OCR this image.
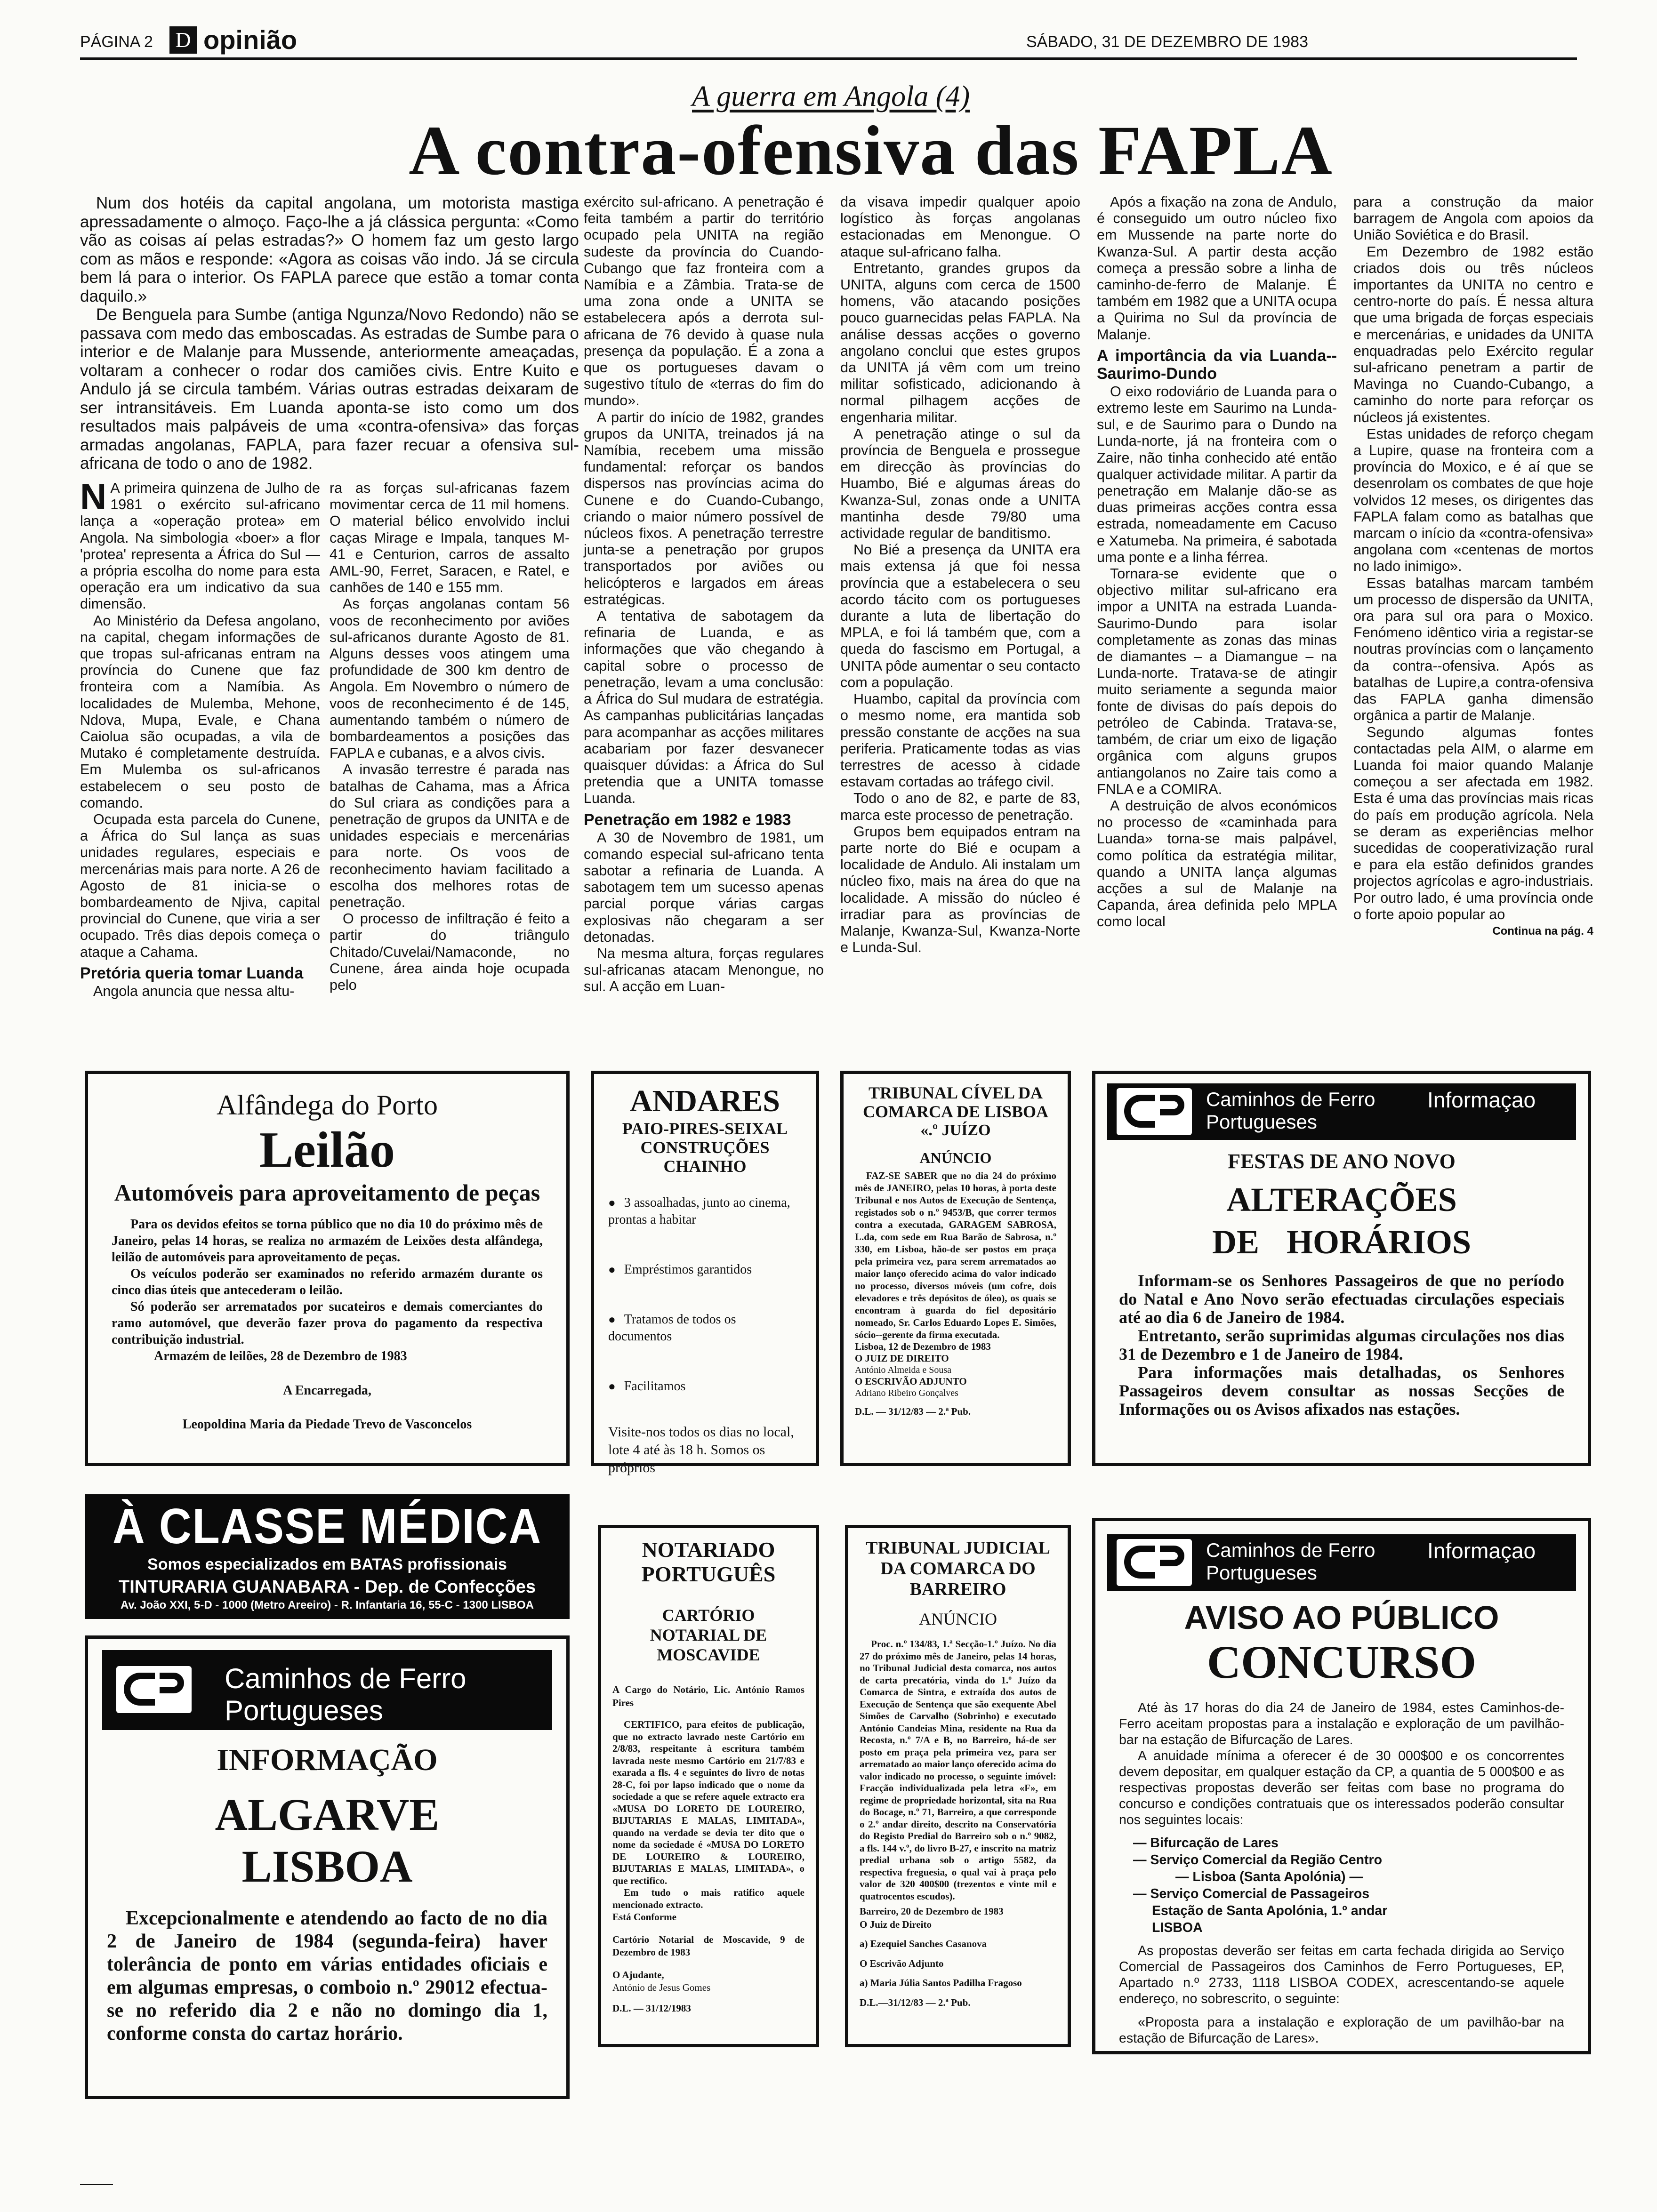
PÁGINA 2 D opinião	SÁBADO, 31 DE DEZEMBRO DE 1983
A guerra em Angola (4)
A contra-ofensiva das FAPLA

Num dos hotéis da capital angolana, um motorista mastiga apressadamente o almoço. Faço-lhe a já clássica pergunta: «Como vão as coisas aí pelas estradas?» O homem faz um gesto largo com as mãos e responde: «Agora as coisas vão indo. Já se circula bem lá para o interior. Os FAPLA parece que estão a tomar conta daquilo.»

De Benguela para Sumbe (antiga Ngunza/Novo Redondo) não se passava com medo das emboscadas. As estradas de Sumbe para o interior e de Malanje para Mussende, anteriormente ameaçadas, voltaram a conhecer o rodar dos camiões civis. Entre Kuito e Andulo já se circula também. Várias outras estradas deixaram de ser intransitáveis. Em Luanda aponta-se isto como um dos resultados mais palpáveis de uma «contra-ofensiva» das forças armadas angolanas, FAPLA, para fazer recuar a ofensiva sul-africana de todo o ano de 1982.

N A primeira quinzena de Julho de 1981 o exército sul-africano lança a «operação protea» em Angola. Na simbologia «boer» a flor 'protea' representa a África do Sul — a própria escolha do nome para esta operação era um indicativo da sua dimensão.

Ao Ministério da Defesa angolano, na capital, chegam informações de que tropas sul-africanas entram na província do Cunene que faz fronteira com a Namíbia. As localidades de Mulemba, Mehone, Ndova, Mupa, Evale, e Chana Caiolua são ocupadas, a vila de Mutako é completamente destruída. Em Mulemba os sul-africanos estabelecem o seu posto de comando.

Ocupada esta parcela do Cunene, a África do Sul lança as suas unidades regulares, especiais e mercenárias mais para norte. A 26 de Agosto de 81 inicia-se o bombardeamento de Njiva, capital provincial do Cunene, que viria a ser ocupado. Três dias depois começa o ataque a Cahama.

Pretória queria tomar Luanda

Angola anuncia que nessa altu-

ra as forças sul-africanas fazem movimentar cerca de 11 mil homens. O material bélico envolvido inclui caças Mirage e Impala, tanques M-41 e Centurion, carros de assalto AML-90, Ferret, Saracen, e Ratel, e canhões de 140 e 155 mm.

As forças angolanas contam 56 voos de reconhecimento por aviões sul-africanos durante Agosto de 81. Alguns desses voos atingem uma profundidade de 300 km dentro de Angola. Em Novembro o número de voos de reconhecimento é de 145, aumentando também o número de bombardeamentos a posições das FAPLA e cubanas, e a alvos civis.

A invasão terrestre é parada nas batalhas de Cahama, mas a África do Sul criara as condições para a penetração de grupos da UNITA e de unidades especiais e mercenárias para norte. Os voos de reconhecimento haviam facilitado a escolha dos melhores rotas de penetração.

O processo de infiltração é feito a partir do triângulo Chitado/Cuvelai/Namaconde, no Cunene, área ainda hoje ocupada pelo

exército sul-africano. A penetração é feita também a partir do território ocupado pela UNITA na região sudeste da província do Cuando-Cubango que faz fronteira com a Namíbia e a Zâmbia. Trata-se de uma zona onde a UNITA se estabelecera após a derrota sul-africana de 76 devido à quase nula presença da população. É a zona a que os portugueses davam o sugestivo título de «terras do fim do mundo».

A partir do início de 1982, grandes grupos da UNITA, treinados já na Namíbia, recebem uma missão fundamental: reforçar os bandos dispersos nas províncias acima do Cunene e do Cuando-Cubango, criando o maior número possível de núcleos fixos. A penetração terrestre junta-se a penetração por grupos transportados por aviões ou helicópteros e largados em áreas estratégicas.

A tentativa de sabotagem da refinaria de Luanda, e as informações que vão chegando à capital sobre o processo de penetração, levam a uma conclusão: a África do Sul mudara de estratégia. As campanhas publicitárias lançadas para acompanhar as acções militares acabariam por fazer desvanecer quaisquer dúvidas: a África do Sul pretendia que a UNITA tomasse Luanda.

Penetração em 1982 e 1983

A 30 de Novembro de 1981, um comando especial sul-africano tenta sabotar a refinaria de Luanda. A sabotagem tem um sucesso apenas parcial porque várias cargas explosivas não chegaram a ser detonadas.

Na mesma altura, forças regulares sul-africanas atacam Menongue, no sul. A acção em Luan-

da visava impedir qualquer apoio logístico às forças angolanas estacionadas em Menongue. O ataque sul-africano falha.

Entretanto, grandes grupos da UNITA, alguns com cerca de 1500 homens, vão atacando posições pouco guarnecidas pelas FAPLA. Na análise dessas acções o governo angolano conclui que estes grupos da UNITA já vêm com um treino militar sofisticado, adicionando à normal pilhagem acções de engenharia militar.

A penetração atinge o sul da província de Benguela e prossegue em direcção às províncias do Huambo, Bié e algumas áreas do Kwanza-Sul, zonas onde a UNITA mantinha desde 79/80 uma actividade regular de banditismo.

No Bié a presença da UNITA era mais extensa já que foi nessa província que a estabelecera o seu acordo tácito com os portugueses durante a luta de libertação do MPLA, e foi lá também que, com a queda do fascismo em Portugal, a UNITA pôde aumentar o seu contacto com a população.

Huambo, capital da província com o mesmo nome, era mantida sob pressão constante de acções na sua periferia. Praticamente todas as vias terrestres de acesso à cidade estavam cortadas ao tráfego civil.

Todo o ano de 82, e parte de 83, marca este processo de penetração.

Grupos bem equipados entram na parte norte do Bié e ocupam a localidade de Andulo. Ali instalam um núcleo fixo, mais na área do que na localidade. A missão do núcleo é irradiar para as províncias de Malanje, Kwanza-Sul, Kwanza-Norte e Lunda-Sul.

Após a fixação na zona de Andulo, é conseguido um outro núcleo fixo em Mussende na parte norte do Kwanza-Sul. A partir desta acção começa a pressão sobre a linha de caminho-de-ferro de Malanje. É também em 1982 que a UNITA ocupa a Quirima no Sul da província de Malanje.

A importância da via Luanda--Saurimo-Dundo

O eixo rodoviário de Luanda para o extremo leste em Saurimo na Lunda-sul, e de Saurimo para o Dundo na Lunda-norte, já na fronteira com o Zaire, não tinha conhecido até então qualquer actividade militar. A partir da penetração em Malanje dão-se as duas primeiras acções contra essa estrada, nomeadamente em Cacuso e Xatumeba. Na primeira, é sabotada uma ponte e a linha férrea.

Tornara-se evidente que o objectivo militar sul-africano era impor a UNITA na estrada Luanda-Saurimo-Dundo para isolar completamente as zonas das minas de diamantes – a Diamangue – na Lunda-norte. Tratava-se de atingir muito seriamente a segunda maior fonte de divisas do país depois do petróleo de Cabinda. Tratava-se, também, de criar um eixo de ligação orgânica com alguns grupos antiangolanos no Zaire tais como a FNLA e a COMIRA.

A destruição de alvos económicos no processo de «caminhada para Luanda» torna-se mais palpável, como política da estratégia militar, quando a UNITA lança algumas acções a sul de Malanje na Capanda, área definida pelo MPLA como local

para a construção da maior barragem de Angola com apoios da União Soviética e do Brasil.

Em Dezembro de 1982 estão criados dois ou três núcleos importantes da UNITA no centro e centro-norte do país. É nessa altura que uma brigada de forças especiais e mercenárias, e unidades da UNITA enquadradas pelo Exército regular sul-africano penetram a partir de Mavinga no Cuando-Cubango, a caminho do norte para reforçar os núcleos já existentes.

Estas unidades de reforço chegam a Lupire, quase na fronteira com a província do Moxico, e é aí que se desenrolam os combates de que hoje volvidos 12 meses, os dirigentes das FAPLA falam como as batalhas que marcam o início da «contra-ofensiva» angolana com «centenas de mortos no lado inimigo».

Essas batalhas marcam também um processo de dispersão da UNITA, ora para sul ora para o Moxico. Fenómeno idêntico viria a registar-se noutras províncias com o lançamento da contra--ofensiva. Após as batalhas de Lupire,a contra-ofensiva das FAPLA ganha dimensão orgânica a partir de Malanje.

Segundo algumas fontes contactadas pela AIM, o alarme em Luanda foi maior quando Malanje começou a ser afectada em 1982. Esta é uma das províncias mais ricas do país em produção agrícola. Nela se deram as experiências melhor sucedidas de cooperativização rural e para ela estão definidos grandes projectos agrícolas e agro-industriais. Por outro lado, é uma província onde o forte apoio popular ao

Continua na pág. 4
Alfândega do Porto
Leilão
Automóveis para aproveitamento de peças

Para os devidos efeitos se torna público que no dia 10 do próximo mês de Janeiro, pelas 14 horas, se realiza no armazém de Leixões desta alfândega, leilão de automóveis para aproveitamento de peças.

Os veículos poderão ser examinados no referido armazém durante os cinco dias úteis que antecederam o leilão.

Só poderão ser arrematados por sucateiros e demais comerciantes do ramo automóvel, que deverão fazer prova do pagamento da respectiva contribuição industrial.

Armazém de leilões, 28 de Dezembro de 1983

A Encarregada,
Leopoldina Maria da Piedade Trevo de Vasconcelos
ANDARES
PAIO-PIRES-SEIXAL CONSTRUÇÕES CHAINHO
● 3 assoalhadas, junto ao cinema, prontas a habitar
● Empréstimos garantidos
● Tratamos de todos os documentos
● Facilitamos
Visite-nos todos os dias no local, lote 4 até às 18 h. Somos os próprios
TRIBUNAL CÍVEL DA COMARCA DE LISBOA
«.º JUÍZO
ANÚNCIO

FAZ-SE SABER que no dia 24 do próximo mês de JANEIRO, pelas 10 horas, à porta deste Tribunal e nos Autos de Execução de Sentença, registados sob o n.º 9453/B, que correr termos contra a executada, GARAGEM SABROSA, L.da, com sede em Rua Barão de Sabrosa, n.º 330, em Lisboa, hão-de ser postos em praça pela primeira vez, para serem arrematados ao maior lanço oferecido acima do valor indicado no processo, diversos móveis (um cofre, dois elevadores e três depósitos de óleo), os quais se encontram à guarda do fiel depositário nomeado, Sr. Carlos Eduardo Lopes E. Simões, sócio--gerente da firma executada.

Lisboa, 12 de Dezembro de 1983
O JUIZ DE DIREITO
António Almeida e Sousa
O ESCRIVÃO ADJUNTO
Adriano Ribeiro Gonçalves
D.L. — 31/12/83 — 2.ª Pub.
Caminhos de Ferro
Portugueses
Informaçao
FESTAS DE ANO NOVO
ALTERAÇÕES
DE HORÁRIOS

Informam-se os Senhores Passageiros de que no período do Natal e Ano Novo serão efectuadas circulações especiais até ao dia 6 de Janeiro de 1984.

Entretanto, serão suprimidas algumas circulações nos dias 31 de Dezembro e 1 de Janeiro de 1984.

Para informações mais detalhadas, os Senhores Passageiros devem consultar as nossas Secções de Informações ou os Avisos afixados nas estações.

À CLASSE MÉDICA
Somos especializados em BATAS profissionais
TINTURARIA GUANABARA - Dep. de Confecções
Av. João XXI, 5-D - 1000 (Metro Areeiro) - R. Infantaria 16, 55-C - 1300 LISBOA
Caminhos de Ferro
Portugueses
INFORMAÇÃO
ALGARVE
LISBOA

Excepcionalmente e atendendo ao facto de no dia 2 de Janeiro de 1984 (segunda-feira) haver tolerância de ponto em várias entidades oficiais e em algumas empresas, o comboio n.º 29012 efectua-se no referido dia 2 e não no domingo dia 1, conforme consta do cartaz horário.

NOTARIADO PORTUGUÊS
CARTÓRIO NOTARIAL DE MOSCAVIDE
A Cargo do Notário, Lic. António Ramos Pires

CERTIFICO, para efeitos de publicação, que no extracto lavrado neste Cartório em 2/8/83, respeitante à escritura também lavrada neste mesmo Cartório em 21/7/83 e exarada a fls. 4 e seguintes do livro de notas 28-C, foi por lapso indicado que o nome da sociedade a que se refere aquele extracto era «MUSA DO LORETO DE LOUREIRO, BIJUTARIAS E MALAS, LIMITADA», quando na verdade se devia ter dito que o nome da sociedade é «MUSA DO LORETO DE LOUREIRO & LOUREIRO, BIJUTARIAS E MALAS, LIMITADA», o que rectifico.

Em tudo o mais ratifico aquele mencionado extracto.

Está Conforme
Cartório Notarial de Moscavide, 9 de Dezembro de 1983
O Ajudante,
António de Jesus Gomes
D.L. — 31/12/1983
TRIBUNAL JUDICIAL DA COMARCA DO BARREIRO
ANÚNCIO

Proc. n.º 134/83, 1.ª Secção-1.º Juízo. No dia 27 do próximo mês de Janeiro, pelas 14 horas, no Tribunal Judicial desta comarca, nos autos de carta precatória, vinda do 1.º Juízo da Comarca de Sintra, e extraída dos autos de Execução de Sentença que são exequente Abel Simões de Carvalho (Sobrinho) e executado António Candeias Mina, residente na Rua da Recosta, n.º 7/A e B, no Barreiro, há-de ser posto em praça pela primeira vez, para ser arrematado ao maior lanço oferecido acima do valor indicado no processo, o seguinte imóvel: Fracção individualizada pela letra «F», em regime de propriedade horizontal, sita na Rua do Bocage, n.º 71, Barreiro, a que corresponde o 2.º andar direito, descrito na Conservatória do Registo Predial do Barreiro sob o n.º 9082, a fls. 144 v.º, do livro B-27, e inscrito na matriz predial urbana sob o artigo 5582, da respectiva freguesia, o qual vai à praça pelo valor de 320 400$00 (trezentos e vinte mil e quatrocentos escudos).

Barreiro, 20 de Dezembro de 1983
O Juiz de Direito
a) Ezequiel Sanches Casanova
O Escrivão Adjunto
a) Maria Júlia Santos Padilha Fragoso
D.L.—31/12/83 — 2.ª Pub.
Caminhos de Ferro
Portugueses
Informaçao
AVISO AO PÚBLICO
CONCURSO

Até às 17 horas do dia 24 de Janeiro de 1984, estes Caminhos-de-Ferro aceitam propostas para a instalação e exploração de um pavilhão-bar na estação de Bifurcação de Lares.

A anuidade mínima a oferecer é de 30 000$00 e os concorrentes devem depositar, em qualquer estação da CP, a quantia de 5 000$00 e as respectivas propostas deverão ser feitas com base no programa do concurso e condições contratuais que os interessados poderão consultar nos seguintes locais:

— Bifurcação de Lares
— Serviço Comercial da Região Centro
— Lisboa (Santa Apolónia) —
— Serviço Comercial de Passageiros
Estação de Santa Apolónia, 1.º andar
LISBOA

As propostas deverão ser feitas em carta fechada dirigida ao Serviço Comercial de Passageiros dos Caminhos de Ferro Portugueses, EP, Apartado n.º 2733, 1118 LISBOA CODEX, acrescentando-se aquele endereço, no sobrescrito, o seguinte:

«Proposta para a instalação e exploração de um pavilhão-bar na estação de Bifurcação de Lares».
